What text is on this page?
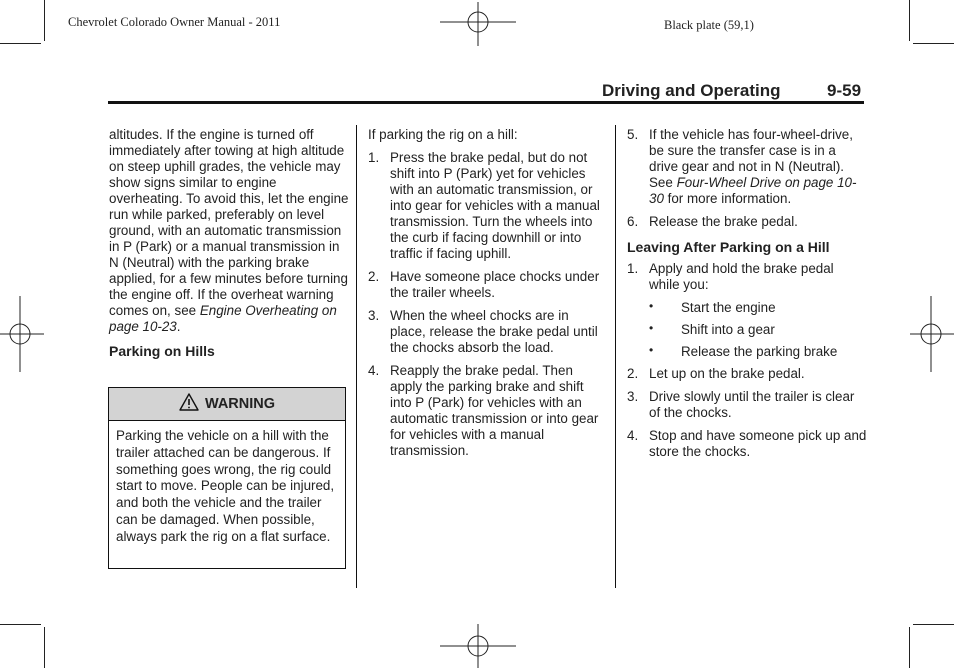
Chevrolet Colorado Owner Manual - 2011	Black plate (59,1)
Driving and Operating	9-59

altitudes. If the engine is turned off immediately after towing at high altitude on steep uphill grades, the vehicle may show signs similar to engine overheating. To avoid this, let the engine run while parked, preferably on level ground, with an automatic transmission in P (Park) or a manual transmission in N (Neutral) with the parking brake applied, for a few minutes before turning the engine off. If the overheat warning comes on, see Engine Overheating on page 10-23.

Parking on Hills

WARNING
Parking the vehicle on a hill with the trailer attached can be dangerous. If something goes wrong, the rig could start to move. People can be injured, and both the vehicle and the trailer can be damaged. When possible, always park the rig on a flat surface.

If parking the rig on a hill:

1. Press the brake pedal, but do not shift into P (Park) yet for vehicles with an automatic transmission, or into gear for vehicles with a manual transmission. Turn the wheels into the curb if facing downhill or into traffic if facing uphill.
2. Have someone place chocks under the trailer wheels.
3. When the wheel chocks are in place, release the brake pedal until the chocks absorb the load.
4. Reapply the brake pedal. Then apply the parking brake and shift into P (Park) for vehicles with an automatic transmission or into gear for vehicles with a manual transmission.
5. If the vehicle has four-wheel-drive, be sure the transfer case is in a drive gear and not in N (Neutral). See Four-Wheel Drive on page 10-30 for more information.
6. Release the brake pedal.

Leaving After Parking on a Hill

1. Apply and hold the brake pedal while you:
• Start the engine
• Shift into a gear
• Release the parking brake
2. Let up on the brake pedal.
3. Drive slowly until the trailer is clear of the chocks.
4. Stop and have someone pick up and store the chocks.
